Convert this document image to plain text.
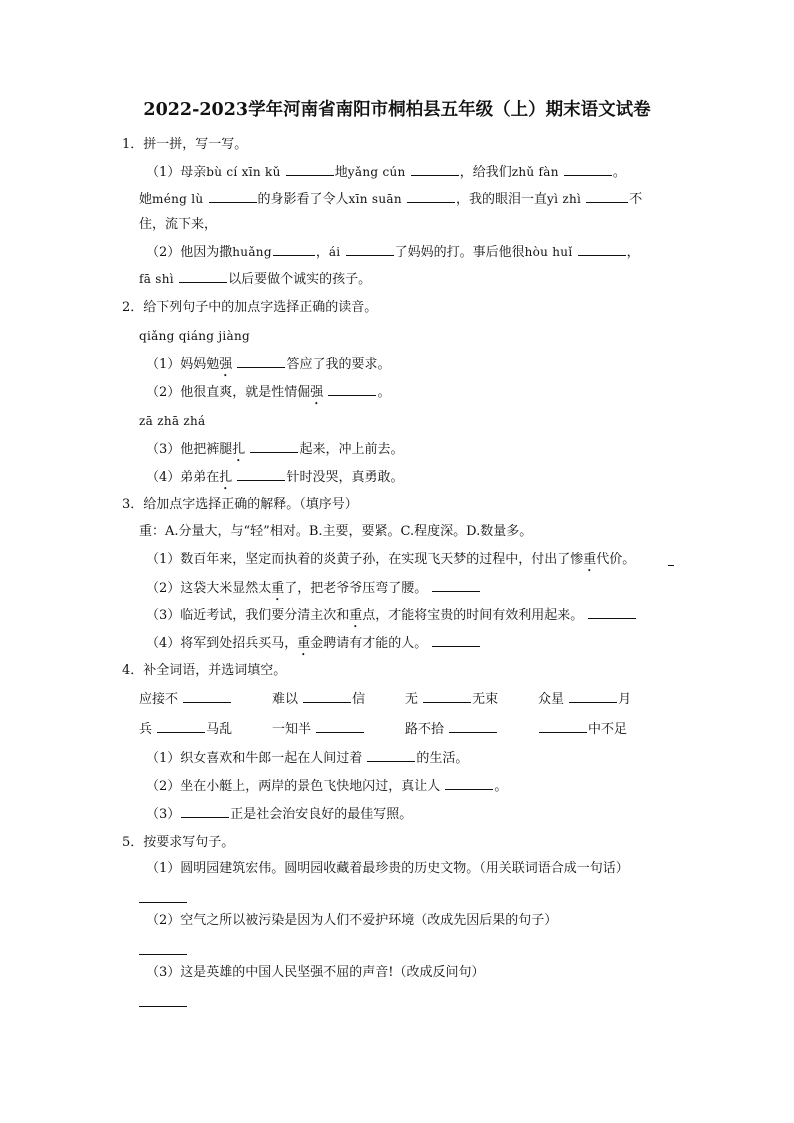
2022-2023学年河南省南阳市桐柏县五年级（上）期末语文试卷
1．拼一拼，写一写。
（1）母亲bù cí xīn kǔ	地yǎng cún	，给我们zhǔ fàn	。
她méng lù	的身影看了令人xīn suān	，我的眼泪一直yì zhì	不
住，流下来，
（2）他因为撒huǎng	，ái	了妈妈的打。事后他很hòu huǐ	，
fā shì	以后要做个诚实的孩子。
2．给下列句子中的加点字选择正确的读音。
qiǎng qiáng jiàng
（1）妈妈勉强	答应了我的要求。
（2）他很直爽，就是性情倔强	。
zā zhā zhá
（3）他把裤腿扎	起来，冲上前去。
（4）弟弟在扎	针时没哭，真勇敢。
3．给加点字选择正确的解释。（填序号）
重：A.分量大，与“轻”相对。B.主要，要紧。C.程度深。D.数量多。
（1）数百年来，坚定而执着的炎黄子孙，在实现飞天梦的过程中，付出了惨重代价。
（2）这袋大米显然太重了，把老爷爷压弯了腰。
（3）临近考试，我们要分清主次和重点，才能将宝贵的时间有效利用起来。
（4）将军到处招兵买马，重金聘请有才能的人。
4．补全词语，并选词填空。
应接不	难以	信	无	无束	众星	月
兵	马乱	一知半	路不拾	中不足
（1）织女喜欢和牛郎一起在人间过着	的生活。
（2）坐在小艇上，两岸的景色飞快地闪过，真让人	。
（3）	正是社会治安良好的最佳写照。
5．按要求写句子。
（1）圆明园建筑宏伟。圆明园收藏着最珍贵的历史文物。（用关联词语合成一句话）
（2）空气之所以被污染是因为人们不爱护环境（改成先因后果的句子）
（3）这是英雄的中国人民坚强不屈的声音!（改成反问句）
